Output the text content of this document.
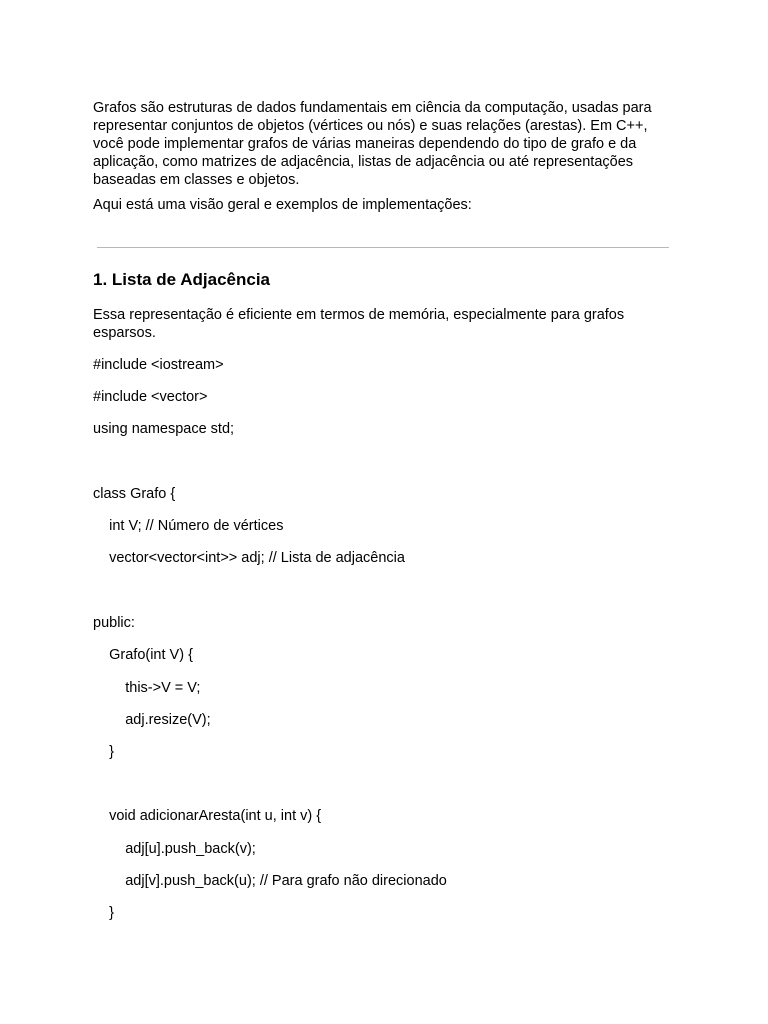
Grafos são estruturas de dados fundamentais em ciência da computação, usadas para representar conjuntos de objetos (vértices ou nós) e suas relações (arestas). Em C++, você pode implementar grafos de várias maneiras dependendo do tipo de grafo e da aplicação, como matrizes de adjacência, listas de adjacência ou até representações baseadas em classes e objetos.

Aqui está uma visão geral e exemplos de implementações:

1. Lista de Adjacência

Essa representação é eficiente em termos de memória, especialmente para grafos esparsos.

#include <iostream>
#include <vector>
using namespace std;
class Grafo {
int V; // Número de vértices
vector<vector<int>> adj; // Lista de adjacência
public:
Grafo(int V) {
this->V = V;
adj.resize(V);
}
void adicionarAresta(int u, int v) {
adj[u].push_back(v);
adj[v].push_back(u); // Para grafo não direcionado
}
